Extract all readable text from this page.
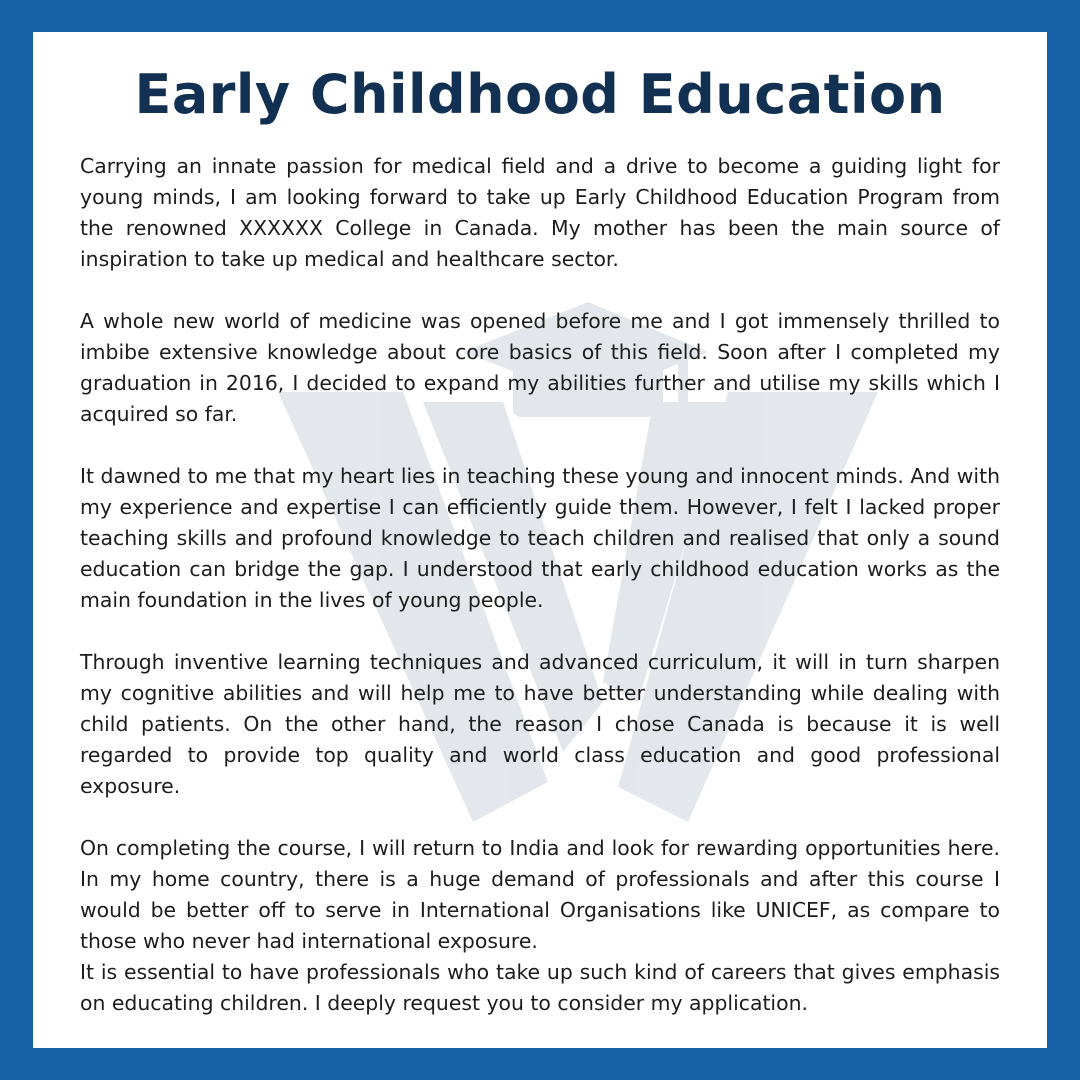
Early Childhood Education

Carrying an innate passion for medical field and a drive to become a guiding light for young minds, I am looking forward to take up Early Childhood Education Program from the renowned XXXXXX College in Canada. My mother has been the main source of inspiration to take up medical and healthcare sector.

A whole new world of medicine was opened before me and I got immensely thrilled to imbibe extensive knowledge about core basics of this field. Soon after I completed my graduation in 2016, I decided to expand my abilities further and utilise my skills which I acquired so far.

It dawned to me that my heart lies in teaching these young and innocent minds. And with my experience and expertise I can efficiently guide them. However, I felt I lacked proper teaching skills and profound knowledge to teach children and realised that only a sound education can bridge the gap. I understood that early childhood education works as the main foundation in the lives of young people.

Through inventive learning techniques and advanced curriculum, it will in turn sharpen my cognitive abilities and will help me to have better understanding while dealing with child patients. On the other hand, the reason I chose Canada is because it is well regarded to provide top quality and world class education and good professional exposure.

On completing the course, I will return to India and look for rewarding opportunities here. In my home country, there is a huge demand of professionals and after this course I would be better off to serve in International Organisations like UNICEF, as compare to those who never had international exposure.

It is essential to have professionals who take up such kind of careers that gives emphasis on educating children. I deeply request you to consider my application.
